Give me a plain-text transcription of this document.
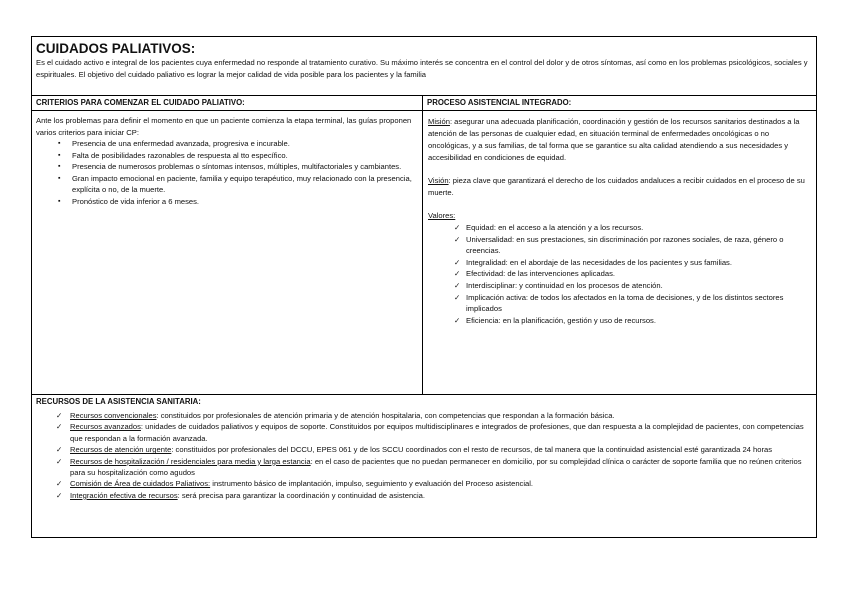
CUIDADOS PALIATIVOS:

Es el cuidado activo e integral de los pacientes cuya enfermedad no responde al tratamiento curativo. Su máximo interés se concentra en el control del dolor y de otros síntomas, así como en los problemas psicológicos, sociales y espirituales. El objetivo del cuidado paliativo es lograr la mejor calidad de vida posible para los pacientes y la familia

CRITERIOS PARA COMENZAR EL CUIDADO PALIATIVO:

Ante los problemas para definir el momento en que un paciente comienza la etapa terminal, las guías proponen varios criterios para iniciar CP:

▪ Presencia de una enfermedad avanzada, progresiva e incurable.
▪ Falta de posibilidades razonables de respuesta al tto específico.
▪ Presencia de numerosos problemas o síntomas intensos, múltiples, multifactoriales y cambiantes.
▪ Gran impacto emocional en paciente, familia y equipo terapéutico, muy relacionado con la presencia, explícita o no, de la muerte.
▪ Pronóstico de vida inferior a 6 meses.
PROCESO ASISTENCIAL INTEGRADO:

Misión: asegurar una adecuada planificación, coordinación y gestión de los recursos sanitarios destinados a la atención de las personas de cualquier edad, en situación terminal de enfermedades oncológicas o no oncológicas, y a sus familias, de tal forma que se garantice su alta calidad atendiendo a sus necesidades y accesibilidad en condiciones de equidad.

Visión: pieza clave que garantizará el derecho de los cuidados andaluces a recibir cuidados en el proceso de su muerte.

Valores:

✓ Equidad: en el acceso a la atención y a los recursos.
✓ Universalidad: en sus prestaciones, sin discriminación por razones sociales, de raza, género o creencias.
✓ Integralidad: en el abordaje de las necesidades de los pacientes y sus familias.
✓ Efectividad: de las intervenciones aplicadas.
✓ Interdisciplinar: y continuidad en los procesos de atención.
✓ Implicación activa: de todos los afectados en la toma de decisiones, y de los distintos sectores implicados
✓ Eficiencia: en la planificación, gestión y uso de recursos.
RECURSOS DE LA ASISTENCIA SANITARIA:
✓ Recursos convencionales: constituidos por profesionales de atención primaria y de atención hospitalaria, con competencias que respondan a la formación básica.
✓ Recursos avanzados: unidades de cuidados paliativos y equipos de soporte. Constituidos por equipos multidisciplinares e integrados de profesiones, que dan respuesta a la complejidad de pacientes, con competencias que respondan a la formación avanzada.
✓ Recursos de atención urgente: constituidos por profesionales del DCCU, EPES 061 y de los SCCU coordinados con el resto de recursos, de tal manera que la continuidad asistencial esté garantizada 24 horas
✓ Recursos de hospitalización / residenciales para media y larga estancia: en el caso de pacientes que no puedan permanecer en domicilio, por su complejidad clínica o carácter de soporte familia que no reúnen criterios para su hospitalización como agudos
✓ Comisión de Área de cuidados Paliativos: instrumento básico de implantación, impulso, seguimiento y evaluación del Proceso asistencial.
✓ Integración efectiva de recursos: será precisa para garantizar la coordinación y continuidad de asistencia.
